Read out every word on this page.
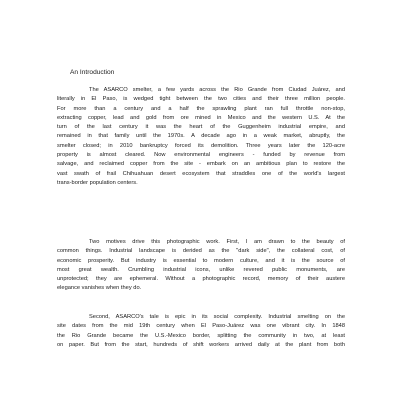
An Introduction

The ASARCO smelter, a few yards across the Rio Grande from Ciudad Juárez, and
literally in El Paso, is wedged tight between the two cities and their three million people.
For more than a century and a half the sprawling plant ran full throttle non-stop,
extracting copper, lead and gold from ore mined in Mexico and the western U.S. At the
turn of the last century it was the heart of the Guggenheim industrial empire, and
remained in that family until the 1970s. A decade ago in a weak market, abruptly, the
smelter closed; in 2010 bankruptcy forced its demolition. Three years later the 120-acre
property is almost cleared. Now environmental engineers - funded by revenue from
salvage, and reclaimed copper from the site - embark on an ambitious plan to restore the
vast swath of frail Chihuahuan desert ecosystem that straddles one of the world's largest
trans-border population centers.

Two motives drive this photographic work. First, I am drawn to the beauty of
common things. Industrial landscape is derided as the "dark side", the collateral cost, of
economic prosperity. But industry is essential to modern culture, and it is the source of
most great wealth. Crumbling industrial icons, unlike revered public monuments, are
unprotected; they are ephemeral. Without a photographic record, memory of their austere
elegance vanishes when they do.

Second, ASARCO's tale is epic in its social complexity. Industrial smelting on the
site dates from the mid 19th century when El Paso-Juárez was one vibrant city. In 1848
the Rio Grande became the U.S.-Mexico border, splitting the community in two, at least
on paper. But from the start, hundreds of shift workers arrived daily at the plant from both
